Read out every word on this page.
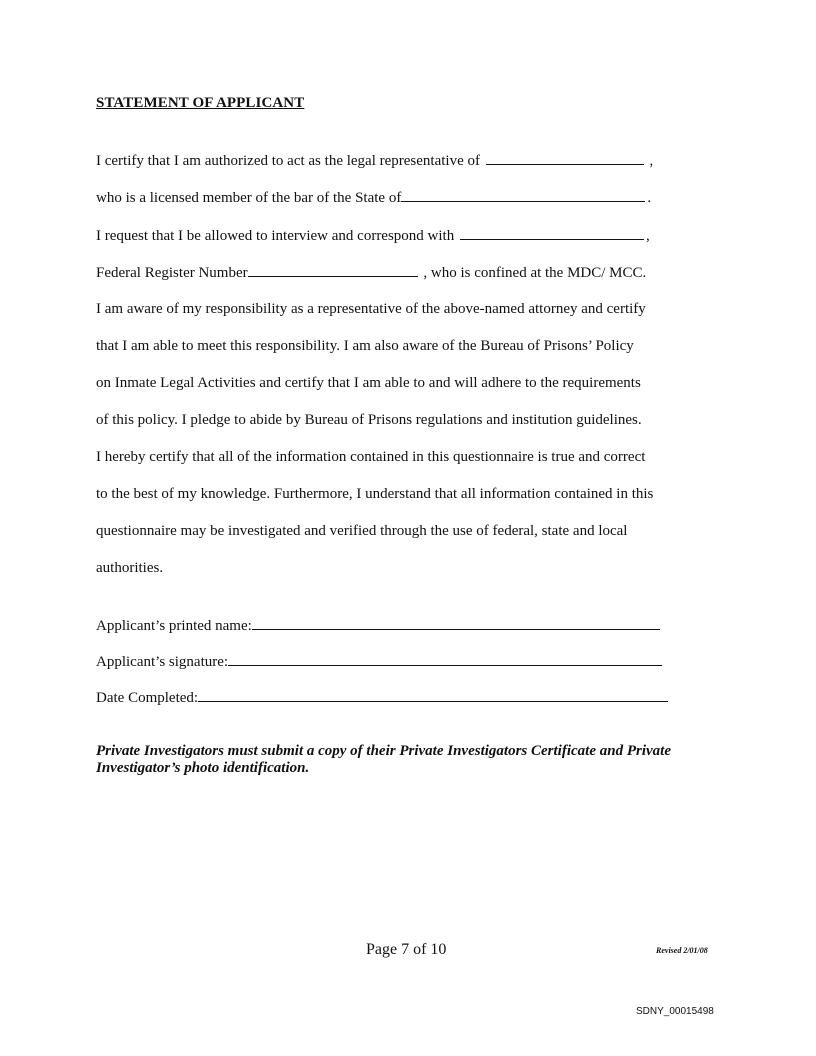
STATEMENT OF APPLICANT
I certify that I am authorized to act as the legal representative of	,
who is a licensed member of the bar of the State of	.
I request that I be allowed to interview and correspond with	,
Federal Register Number	, who is confined at the MDC/ MCC.
I am aware of my responsibility as a representative of the above-named attorney and certify
that I am able to meet this responsibility. I am also aware of the Bureau of Prisons’ Policy
on Inmate Legal Activities and certify that I am able to and will adhere to the requirements
of this policy. I pledge to abide by Bureau of Prisons regulations and institution guidelines.
I hereby certify that all of the information contained in this questionnaire is true and correct
to the best of my knowledge. Furthermore, I understand that all information contained in this
questionnaire may be investigated and verified through the use of federal, state and local
authorities.
Applicant’s printed name:
Applicant’s signature:
Date Completed:
Private Investigators must submit a copy of their Private Investigators Certificate and Private Investigator’s photo identification.
Page 7 of 10	Revised 2/01/08
SDNY_00015498
